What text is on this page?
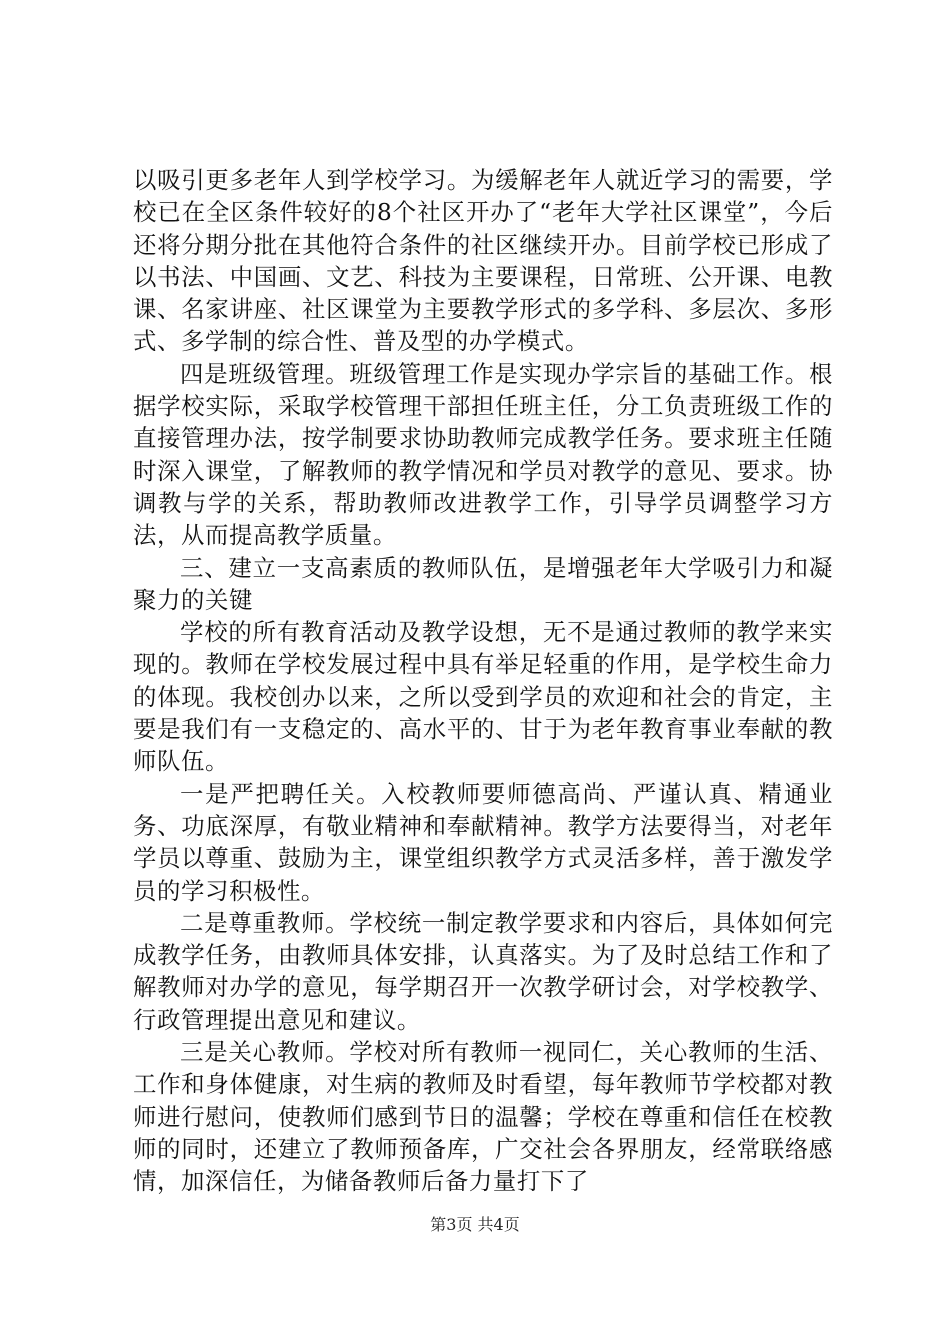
以吸引更多老年人到学校学习。为缓解老年人就近学习的需要，学校已在全区条件较好的8个社区开办了“老年大学社区课堂”，今后还将分期分批在其他符合条件的社区继续开办。目前学校已形成了以书法、中国画、文艺、科技为主要课程，日常班、公开课、电教课、名家讲座、社区课堂为主要教学形式的多学科、多层次、多形式、多学制的综合性、普及型的办学模式。

四是班级管理。班级管理工作是实现办学宗旨的基础工作。根据学校实际，采取学校管理干部担任班主任，分工负责班级工作的直接管理办法，按学制要求协助教师完成教学任务。要求班主任随时深入课堂，了解教师的教学情况和学员对教学的意见、要求。协调教与学的关系，帮助教师改进教学工作，引导学员调整学习方法，从而提高教学质量。

三、建立一支高素质的教师队伍，是增强老年大学吸引力和凝聚力的关键

学校的所有教育活动及教学设想，无不是通过教师的教学来实现的。教师在学校发展过程中具有举足轻重的作用，是学校生命力的体现。我校创办以来，之所以受到学员的欢迎和社会的肯定，主要是我们有一支稳定的、高水平的、甘于为老年教育事业奉献的教师队伍。

一是严把聘任关。入校教师要师德高尚、严谨认真、精通业务、功底深厚，有敬业精神和奉献精神。教学方法要得当，对老年学员以尊重、鼓励为主，课堂组织教学方式灵活多样，善于激发学员的学习积极性。

二是尊重教师。学校统一制定教学要求和内容后，具体如何完成教学任务，由教师具体安排，认真落实。为了及时总结工作和了解教师对办学的意见，每学期召开一次教学研讨会，对学校教学、行政管理提出意见和建议。

三是关心教师。学校对所有教师一视同仁，关心教师的生活、工作和身体健康，对生病的教师及时看望，每年教师节学校都对教师进行慰问，使教师们感到节日的温馨；学校在尊重和信任在校教师的同时，还建立了教师预备库，广交社会各界朋友，经常联络感情，加深信任，为储备教师后备力量打下了

第3页 共4页
